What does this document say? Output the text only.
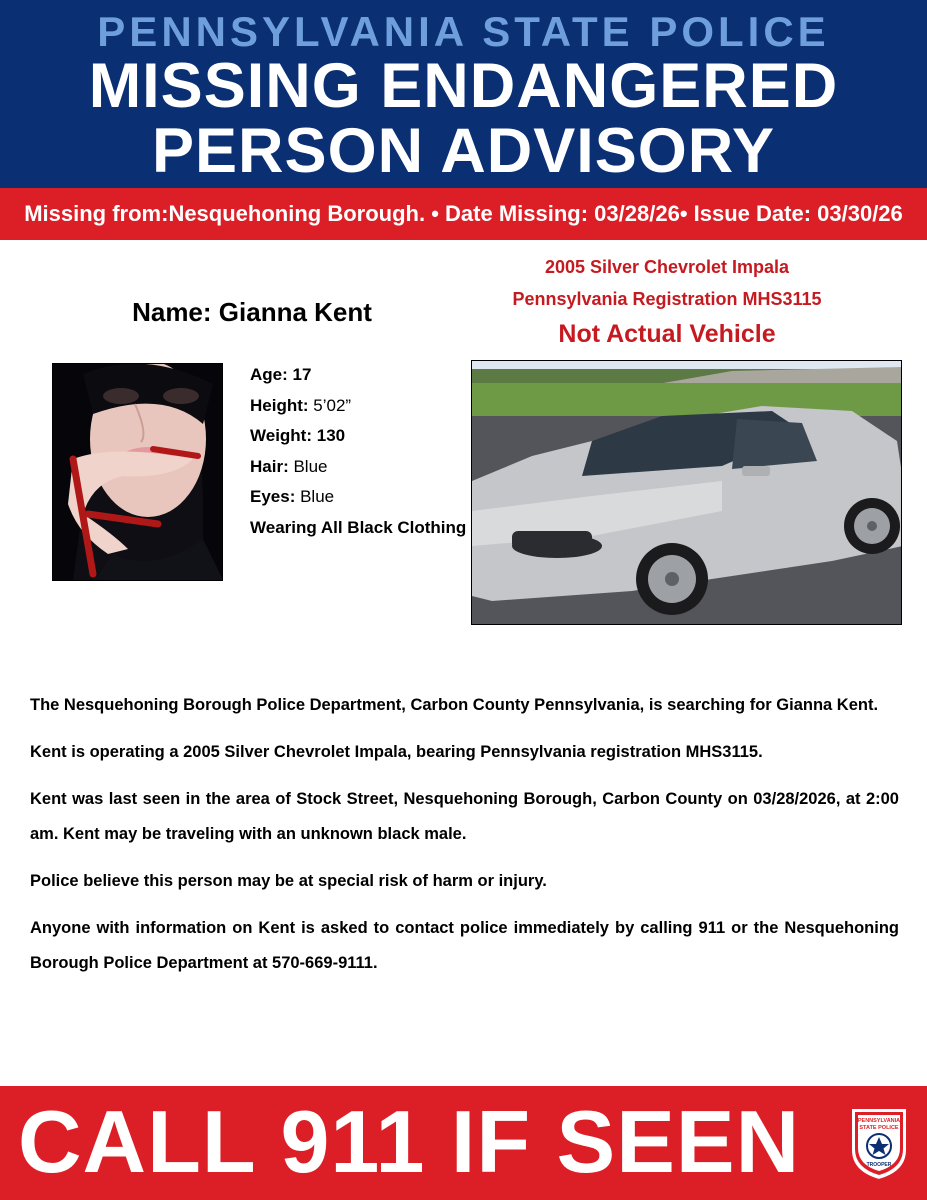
PENNSYLVANIA STATE POLICE
MISSING ENDANGERED
PERSON ADVISORY
Missing from: Nesquehoning Borough. • Date Missing: 03/28/26 • Issue Date: 03/30/26
Name: Gianna Kent
Age: 17
Height: 5’02”
Weight: 130
Hair: Blue
Eyes: Blue
Wearing All Black Clothing
2005 Silver Chevrolet Impala
Pennsylvania Registration MHS3115
Not Actual Vehicle

The Nesquehoning Borough Police Department, Carbon County Pennsylvania, is searching for Gianna Kent.

Kent is operating a 2005 Silver Chevrolet Impala, bearing Pennsylvania registration MHS3115.

Kent was last seen in the area of Stock Street, Nesquehoning Borough, Carbon County on 03/28/2026, at 2:00 am. Kent may be traveling with an unknown black male.

Police believe this person may be at special risk of harm or injury.

Anyone with information on Kent is asked to contact police immediately by calling 911 or the Nesquehoning Borough Police Department at 570-669-9111.

CALL 911 IF SEEN	PENNSYLVANIA
STATE POLICE
TROOPER
